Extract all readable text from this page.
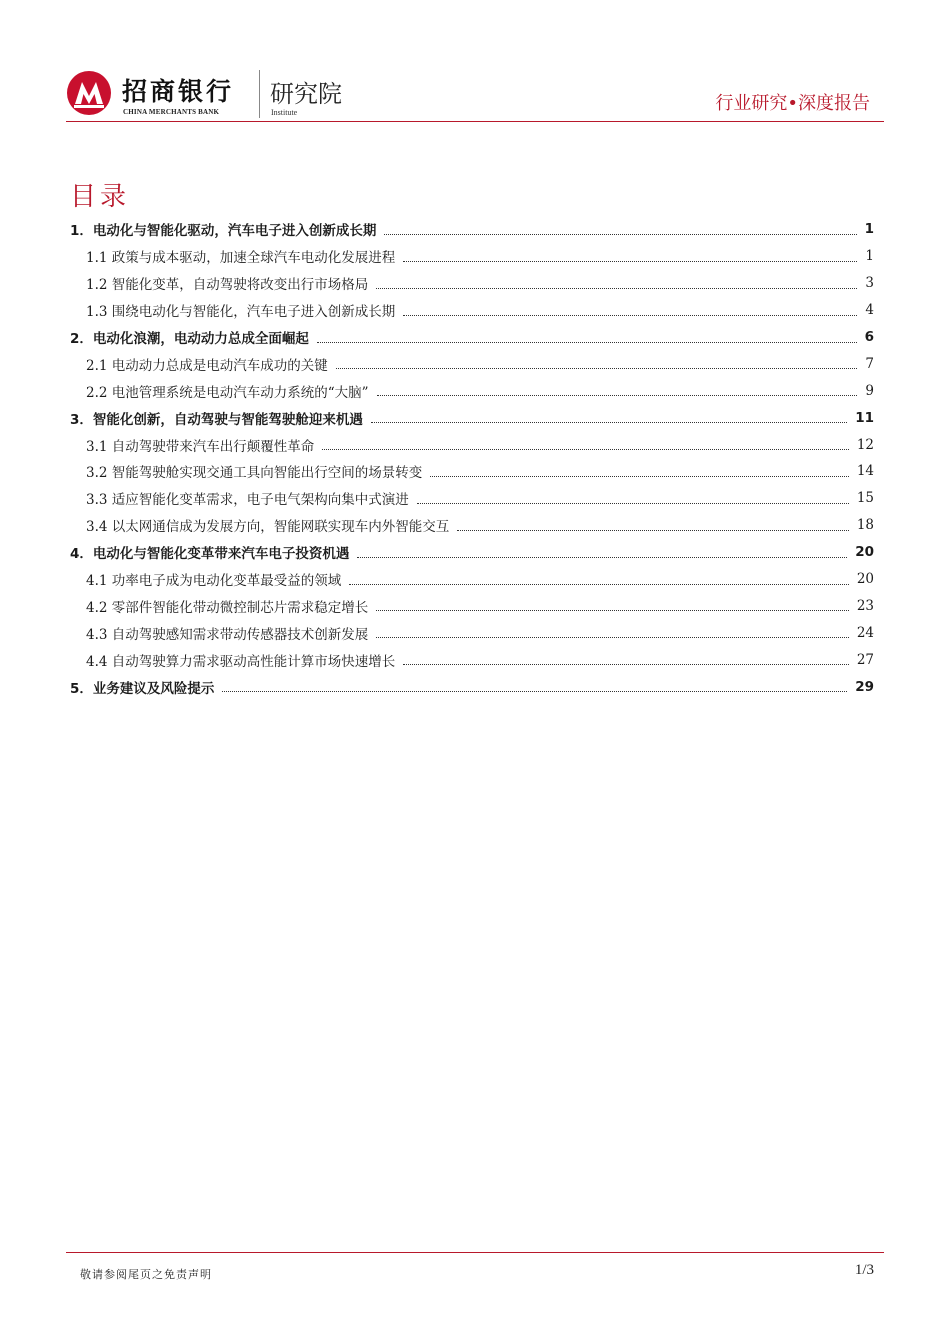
招商银行
CHINA MERCHANTS BANK
研究院
Institute	行业研究•深度报告
目录
1．电动化与智能化驱动，汽车电子进入创新成长期	1
1.1 政策与成本驱动，加速全球汽车电动化发展进程	1
1.2 智能化变革，自动驾驶将改变出行市场格局	3
1.3 围绕电动化与智能化，汽车电子进入创新成长期	4
2．电动化浪潮，电动动力总成全面崛起	6
2.1 电动动力总成是电动汽车成功的关键	7
2.2 电池管理系统是电动汽车动力系统的“大脑”	9
3．智能化创新，自动驾驶与智能驾驶舱迎来机遇	11
3.1 自动驾驶带来汽车出行颠覆性革命	12
3.2 智能驾驶舱实现交通工具向智能出行空间的场景转变	14
3.3 适应智能化变革需求，电子电气架构向集中式演进	15
3.4 以太网通信成为发展方向，智能网联实现车内外智能交互	18
4．电动化与智能化变革带来汽车电子投资机遇	20
4.1 功率电子成为电动化变革最受益的领域	20
4.2 零部件智能化带动微控制芯片需求稳定增长	23
4.3 自动驾驶感知需求带动传感器技术创新发展	24
4.4 自动驾驶算力需求驱动高性能计算市场快速增长	27
5．业务建议及风险提示	29
敬请参阅尾页之免责声明	1/3
